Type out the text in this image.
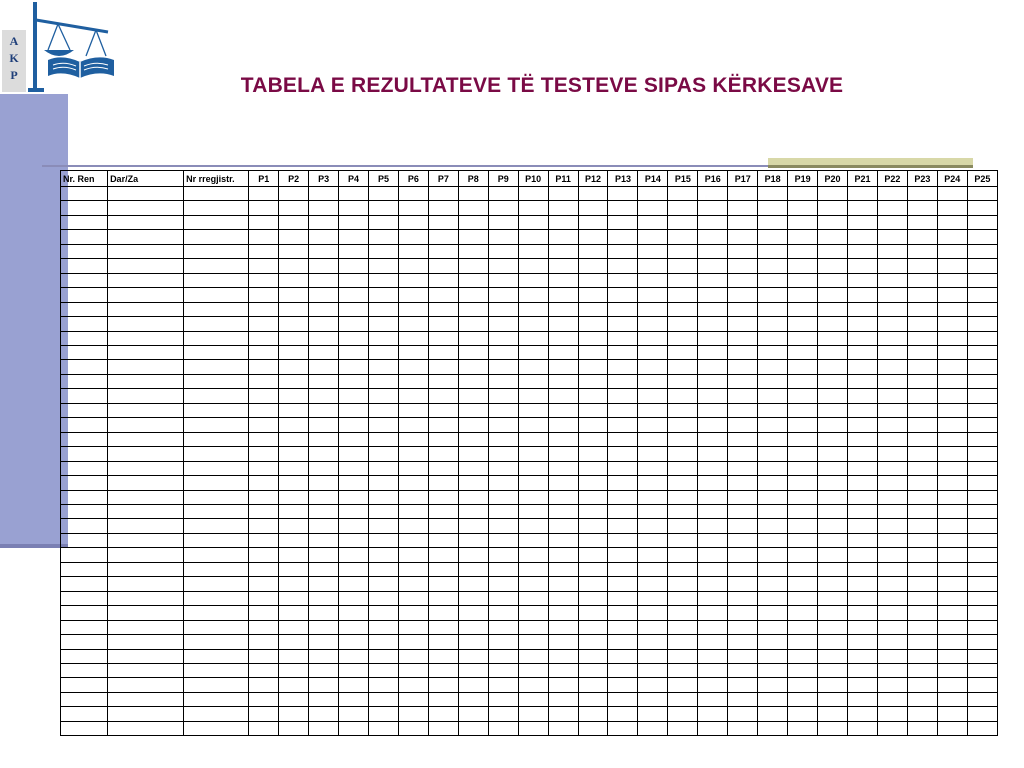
A
K
P	TABELA E REZULTATEVE TË TESTEVE SIPAS KËRKESAVE
Nr. Ren	Dar/Za	Nr rregjistr.	P1	P2	P3	P4	P5	P6	P7	P8	P9	P10	P11	P12	P13	P14	P15	P16	P17	P18	P19	P20	P21	P22	P23	P24	P25
